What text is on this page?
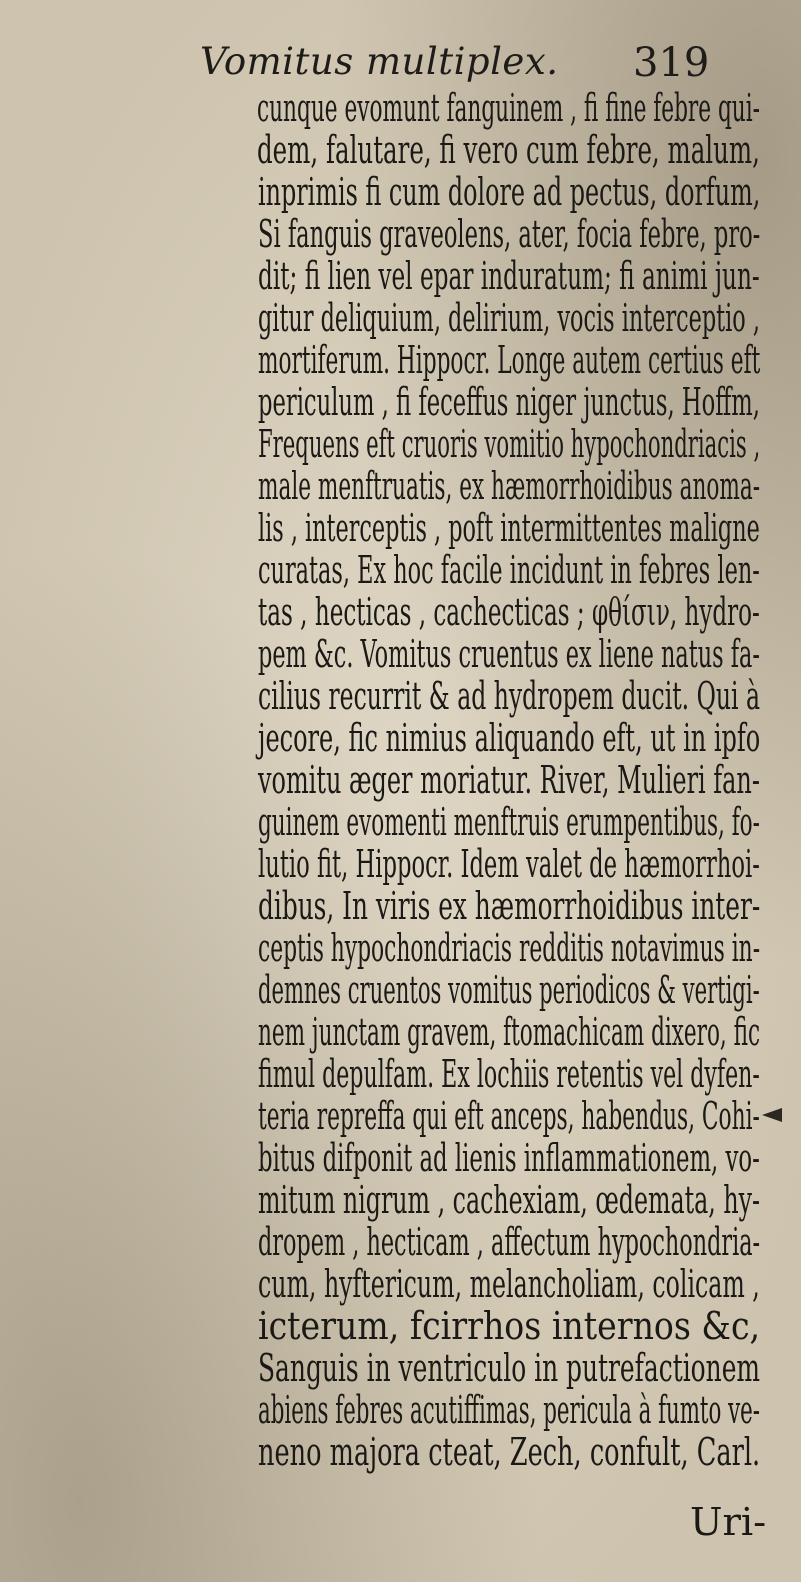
Vomitus multiplex. 319
cunque evomunt fanguinem , fi fine febre qui-
dem, falutare, fi vero cum febre, malum,
inprimis fi cum dolore ad pectus, dorfum,
Si fanguis graveolens, ater, focia febre, pro-
dit; fi lien vel epar induratum; fi animi jun-
gitur deliquium, delirium, vocis interceptio ,
mortiferum. Hippocr. Longe autem certius eft
periculum , fi feceffus niger junctus, Hoffm,
Frequens eft cruoris vomitio hypochondriacis ,
male menftruatis, ex hæmorrhoidibus anoma-
lis , interceptis , poft intermittentes maligne
curatas, Ex hoc facile incidunt in febres len-
tas , hecticas , cachecticas ; φθίσιν, hydro-
pem &c. Vomitus cruentus ex liene natus fa-
cilius recurrit & ad hydropem ducit. Qui à
jecore, fic nimius aliquando eft, ut in ipfo
vomitu æger moriatur. River, Mulieri fan-
guinem evomenti menftruis erumpentibus, fo-
lutio fit, Hippocr. Idem valet de hæmorrhoi-
dibus, In viris ex hæmorrhoidibus inter-
ceptis hypochondriacis redditis notavimus in-
demnes cruentos vomitus periodicos & vertigi-
nem junctam gravem, ftomachicam dixero, fic
fimul depulfam. Ex lochiis retentis vel dyfen-
teria repreffa qui eft anceps, habendus, Cohi-
bitus difponit ad lienis inflammationem, vo-
mitum nigrum , cachexiam, œdemata, hy-
dropem , hecticam , affectum hypochondria-
cum, hyftericum, melancholiam, colicam ,
icterum, fcirrhos internos &c,
Sanguis in ventriculo in putrefactionem
abiens febres acutiffimas, pericula à fumto ve-
neno majora cteat, Zech, confult, Carl.
Uri-
